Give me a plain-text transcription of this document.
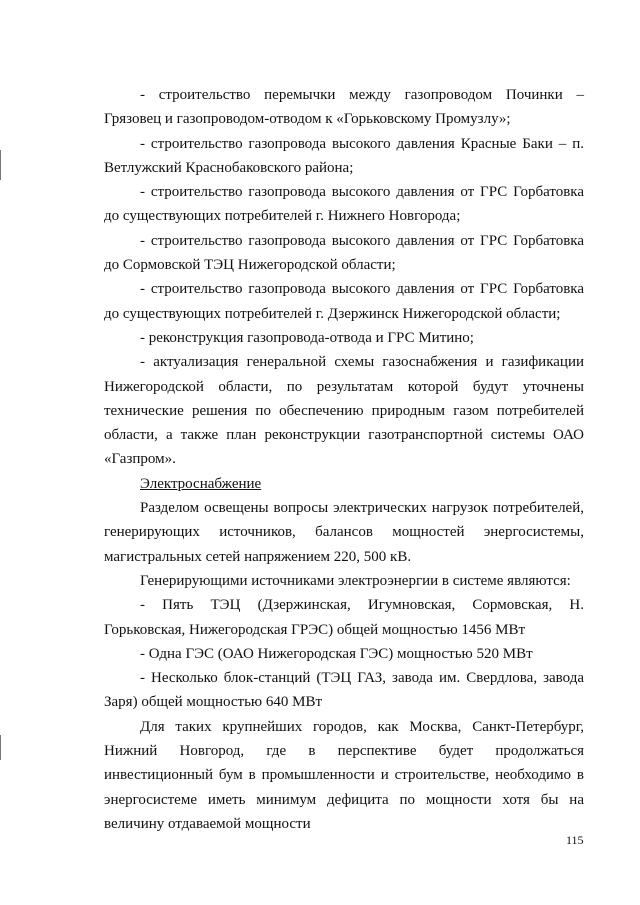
- строительство перемычки между газопроводом Починки – Грязовец и газопроводом-отводом к «Горьковскому Промузлу»;

- строительство газопровода высокого давления Красные Баки – п. Ветлужский Краснобаковского района;

- строительство газопровода высокого давления от ГРС Горбатовка до существующих потребителей г. Нижнего Новгорода;

- строительство газопровода высокого давления от ГРС Горбатовка до Сормовской ТЭЦ Нижегородской области;

- строительство газопровода высокого давления от ГРС Горбатовка до существующих потребителей г. Дзержинск Нижегородской области;

- реконструкция газопровода-отвода и ГРС Митино;

- актуализация генеральной схемы газоснабжения и газификации Нижегородской области, по результатам которой будут уточнены технические решения по обеспечению природным газом потребителей области, а также план реконструкции газотранспортной системы ОАО «Газпром».

Электроснабжение

Разделом освещены вопросы электрических нагрузок потребителей, генерирующих источников, балансов мощностей энергосистемы, магистральных сетей напряжением 220, 500 кВ.

Генерирующими источниками электроэнергии в системе являются:

- Пять ТЭЦ (Дзержинская, Игумновская, Сормовская, Н. Горьковская, Нижегородская ГРЭС) общей мощностью 1456 МВт

- Одна ГЭС (ОАО Нижегородская ГЭС) мощностью 520 МВт

- Несколько блок-станций (ТЭЦ ГАЗ, завода им. Свердлова, завода Заря) общей мощностью 640 МВт

Для таких крупнейших городов, как Москва, Санкт-Петербург, Нижний Новгород, где в перспективе будет продолжаться инвестиционный бум в промышленности и строительстве, необходимо в энергосистеме иметь минимум дефицита по мощности хотя бы на величину отдаваемой мощности

115
